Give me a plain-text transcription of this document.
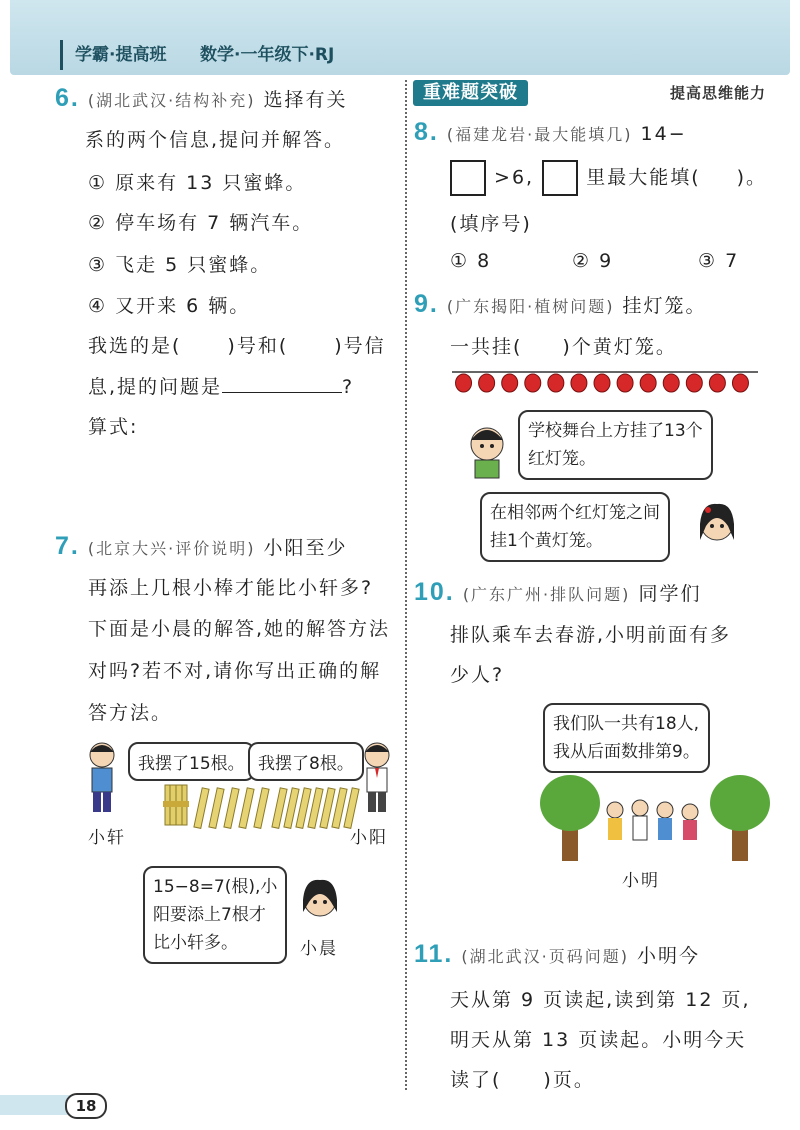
学霸·提高班	数学·一年级下·RJ
重难题突破	提高思维能力
6. (湖北武汉·结构补充) 选择有关
系的两个信息,提问并解答。
① 原来有 13 只蜜蜂。
② 停车场有 7 辆汽车。
③ 飞走 5 只蜜蜂。
④ 又开来 6 辆。
我选的是( )号和( )号信
息,提的问题是	?
算式:
7. (北京大兴·评价说明) 小阳至少
再添上几根小棒才能比小轩多?
下面是小晨的解答,她的解答方法
对吗?若不对,请你写出正确的解
答方法。
我摆了15根。 我摆了8根。
小轩	小阳
15−8=7(根),小
阳要添上7根才
比小轩多。	小晨
8. (福建龙岩·最大能填几) 14−
>6,	里最大能填( )。
(填序号)
① 8	② 9	③ 7
9. (广东揭阳·植树问题) 挂灯笼。
一共挂( )个黄灯笼。
学校舞台上方挂了13个
红灯笼。
在相邻两个红灯笼之间
挂1个黄灯笼。
10. (广东广州·排队问题) 同学们
排队乘车去春游,小明前面有多
少人?
我们队一共有18人,
我从后面数排第9。
小明
11. (湖北武汉·页码问题) 小明今
天从第 9 页读起,读到第 12 页,
明天从第 13 页读起。小明今天
读了( )页。
18
